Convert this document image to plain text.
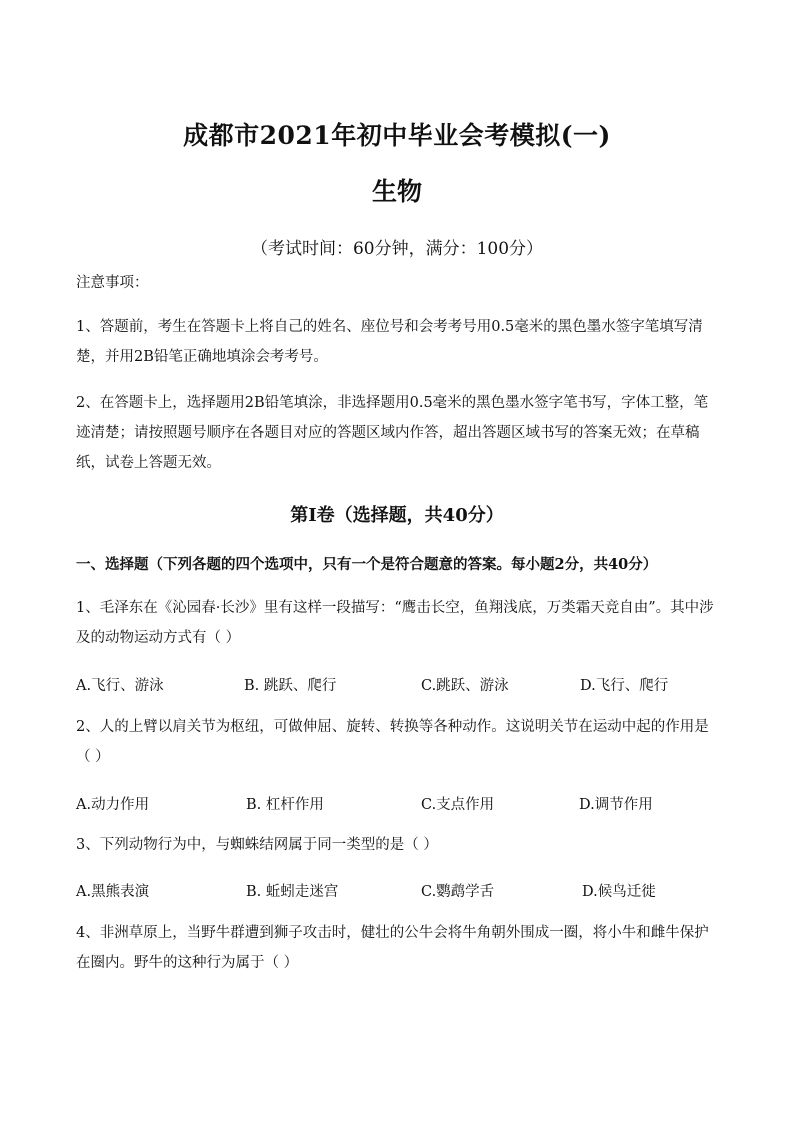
成都市2021年初中毕业会考模拟(一)
生物
（考试时间：60分钟，满分：100分）
注意事项：
1、答题前，考生在答题卡上将自己的姓名、座位号和会考考号用0.5毫米的黑色墨水签字笔填写清楚，并用2B铅笔正确地填涂会考考号。
2、在答题卡上，选择题用2B铅笔填涂，非选择题用0.5毫米的黑色墨水签字笔书写，字体工整，笔迹清楚；请按照题号顺序在各题目对应的答题区域内作答，超出答题区域书写的答案无效；在草稿纸，试卷上答题无效。
第Ⅰ卷（选择题，共40分）
一、选择题（下列各题的四个选项中，只有一个是符合题意的答案。每小题2分，共40分）
1、毛泽东在《沁园春·长沙》里有这样一段描写：“鹰击长空，鱼翔浅底，万类霜天竞自由”。其中涉及的动物运动方式有（ ）
A.飞行、游泳	B. 跳跃、爬行	C.跳跃、游泳	D.飞行、爬行
2、人的上臂以肩关节为枢纽，可做伸屈、旋转、转换等各种动作。这说明关节在运动中起的作用是（ ）
A.动力作用	B. 杠杆作用	C.支点作用	D.调节作用
3、下列动物行为中，与蜘蛛结网属于同一类型的是（ ）
A.黑熊表演	B. 蚯蚓走迷宫	C.鹦鹉学舌	D.候鸟迁徙
4、非洲草原上，当野牛群遭到狮子攻击时，健壮的公牛会将牛角朝外围成一圈，将小牛和雌牛保护在圈内。野牛的这种行为属于（ ）
